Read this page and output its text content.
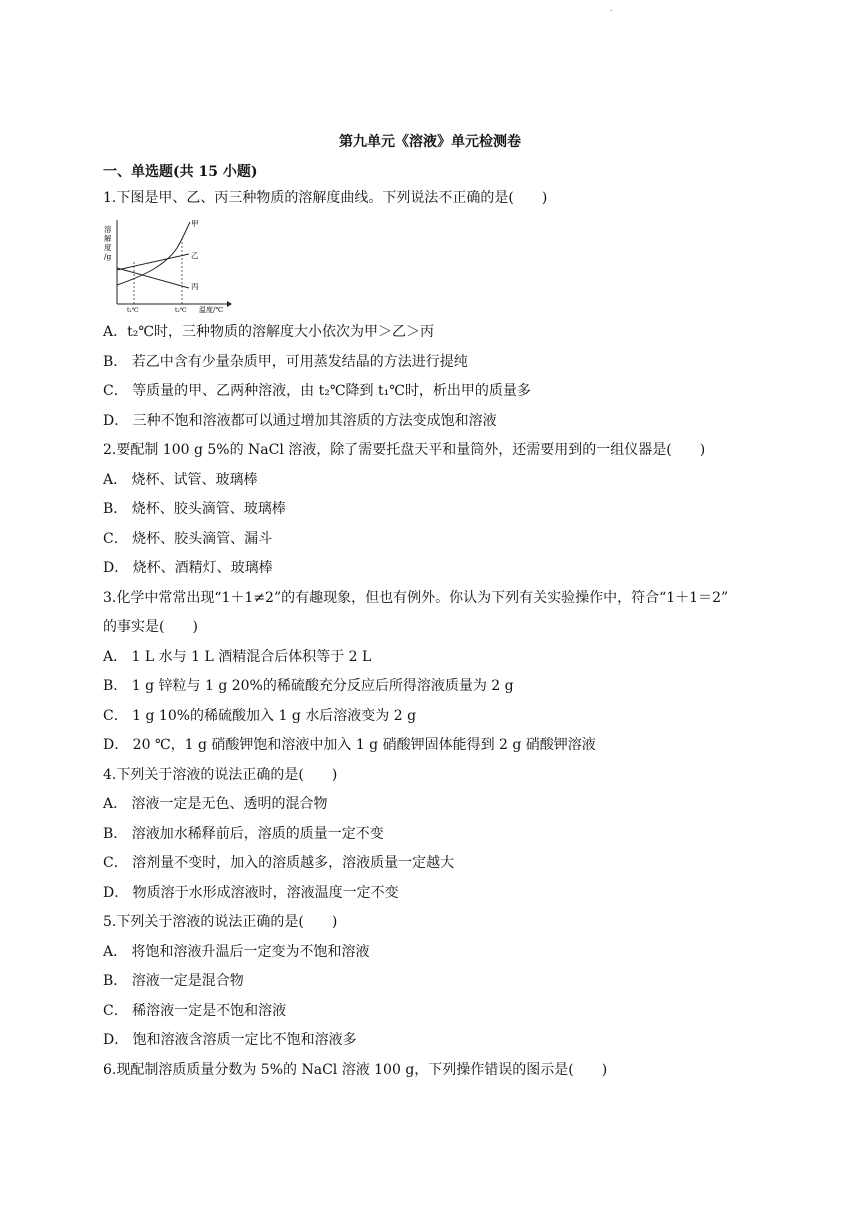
.
第九单元《溶液》单元检测卷
一、单选题(共 15 小题)
1.下图是甲、乙、丙三种物质的溶解度曲线。下列说法不正确的是(　　)
溶
解
度
/g
甲
乙
丙
t₁℃	t₂℃ 温度/℃
A．t₂℃时，三种物质的溶解度大小依次为甲＞乙＞丙
B． 若乙中含有少量杂质甲，可用蒸发结晶的方法进行提纯
C． 等质量的甲、乙两种溶液，由 t₂℃降到 t₁℃时，析出甲的质量多
D． 三种不饱和溶液都可以通过增加其溶质的方法变成饱和溶液
2.要配制 100 g 5%的 NaCl 溶液，除了需要托盘天平和量筒外，还需要用到的一组仪器是(　　)
A． 烧杯、试管、玻璃棒
B． 烧杯、胶头滴管、玻璃棒
C． 烧杯、胶头滴管、漏斗
D． 烧杯、酒精灯、玻璃棒
3.化学中常常出现“1＋1≠2”的有趣现象，但也有例外。你认为下列有关实验操作中，符合“1＋1＝2”
的事实是(　　)
A． 1 L 水与 1 L 酒精混合后体积等于 2 L
B． 1 g 锌粒与 1 g 20%的稀硫酸充分反应后所得溶液质量为 2 g
C． 1 g 10%的稀硫酸加入 1 g 水后溶液变为 2 g
D． 20 ℃，1 g 硝酸钾饱和溶液中加入 1 g 硝酸钾固体能得到 2 g 硝酸钾溶液
4.下列关于溶液的说法正确的是(　　)
A． 溶液一定是无色、透明的混合物
B． 溶液加水稀释前后，溶质的质量一定不变
C． 溶剂量不变时，加入的溶质越多，溶液质量一定越大
D． 物质溶于水形成溶液时，溶液温度一定不变
5.下列关于溶液的说法正确的是(　　)
A． 将饱和溶液升温后一定变为不饱和溶液
B． 溶液一定是混合物
C． 稀溶液一定是不饱和溶液
D． 饱和溶液含溶质一定比不饱和溶液多
6.现配制溶质质量分数为 5%的 NaCl 溶液 100 g，下列操作错误的图示是(　　)
